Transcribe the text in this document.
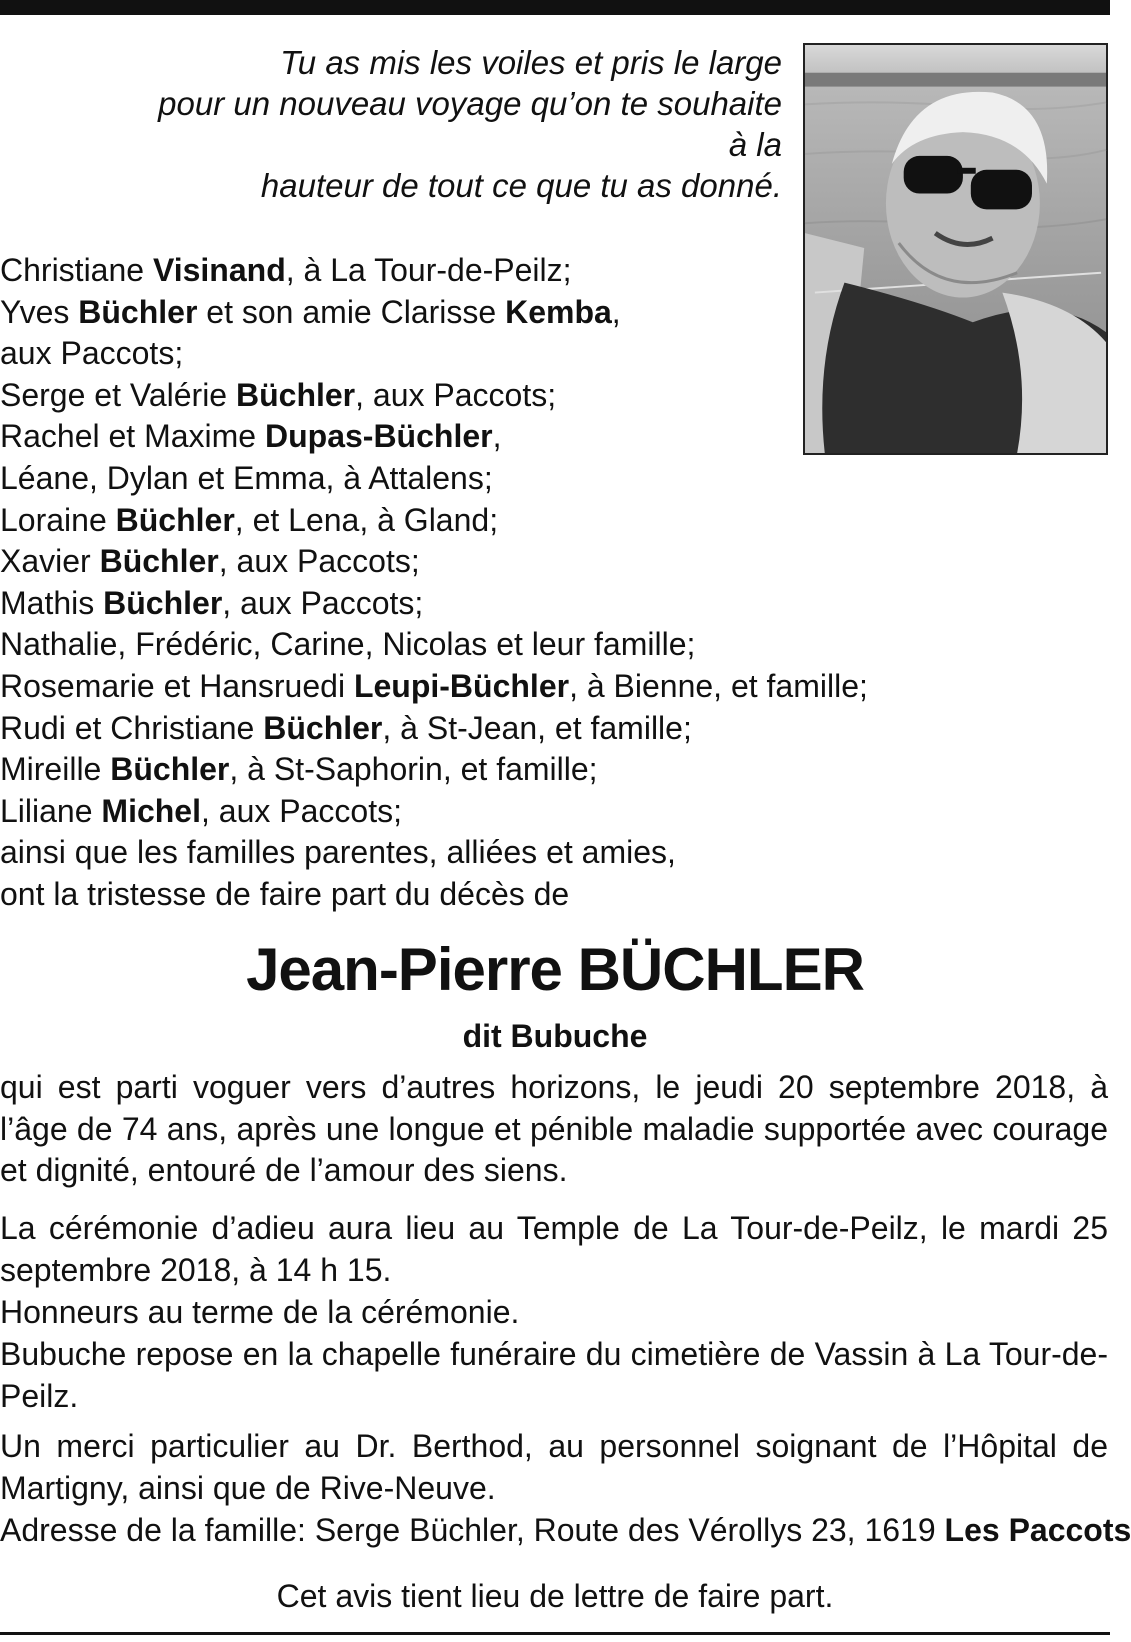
Tu as mis les voiles et pris le large
pour un nouveau voyage qu’on te souhaite
à la
hauteur de tout ce que tu as donné.
Christiane Visinand, à La Tour-de-Peilz;
Yves Büchler et son amie Clarisse Kemba,
aux Paccots;
Serge et Valérie Büchler, aux Paccots;
Rachel et Maxime Dupas-Büchler,
Léane, Dylan et Emma, à Attalens;
Loraine Büchler, et Lena, à Gland;
Xavier Büchler, aux Paccots;
Mathis Büchler, aux Paccots;
Nathalie, Frédéric, Carine, Nicolas et leur famille;
Rosemarie et Hansruedi Leupi-Büchler, à Bienne, et famille;
Rudi et Christiane Büchler, à St-Jean, et famille;
Mireille Büchler, à St-Saphorin, et famille;
Liliane Michel, aux Paccots;
ainsi que les familles parentes, alliées et amies,
ont la tristesse de faire part du décès de
Jean-Pierre BÜCHLER
dit Bubuche

qui est parti voguer vers d’autres horizons, le jeudi 20 septembre 2018, à l’âge de 74 ans, après une longue et pénible maladie supportée avec courage et dignité, entouré de l’amour des siens.

La cérémonie d’adieu aura lieu au Temple de La Tour-de-Peilz, le mardi 25 septembre 2018, à 14 h 15.

Honneurs au terme de la cérémonie.

Bubuche repose en la chapelle funéraire du cimetière de Vassin à La Tour-de-Peilz.

Un merci particulier au Dr. Berthod, au personnel soignant de l’Hôpital de Martigny, ainsi que de Rive-Neuve.

Adresse de la famille: Serge Büchler, Route des Vérollys 23, 1619 Les Paccots
Cet avis tient lieu de lettre de faire part.
